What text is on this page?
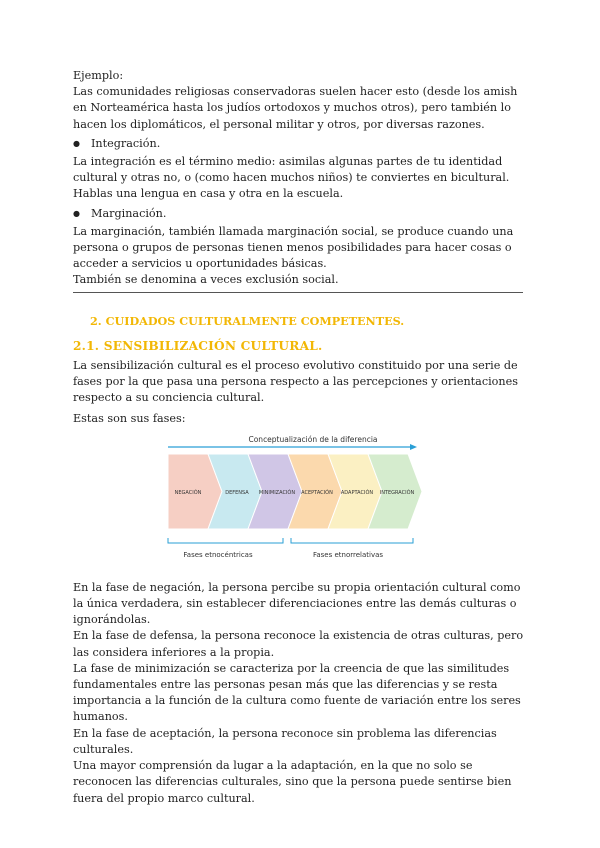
Ejemplo:

Las comunidades religiosas conservadoras suelen hacer esto (desde los amish en Norteamérica hasta los judíos ortodoxos y muchos otros), pero también lo hacen los diplomáticos, el personal militar y otros, por diversas razones.

● Integración.

La integración es el término medio: asimilas algunas partes de tu identidad cultural y otras no, o (como hacen muchos niños) te conviertes en bicultural. Hablas una lengua en casa y otra en la escuela.

● Marginación.

La marginación, también llamada marginación social, se produce cuando una persona o grupos de personas tienen menos posibilidades para hacer cosas o acceder a servicios u oportunidades básicas.

También se denomina a veces exclusión social.

2. CUIDADOS CULTURALMENTE COMPETENTES.

2.1. SENSIBILIZACIÓN CULTURAL.

La sensibilización cultural es el proceso evolutivo constituido por una serie de fases por la que pasa una persona respecto a las percepciones y orientaciones respecto a su conciencia cultural.

Estas son sus fases:

Conceptualización de la diferencia
NEGACIÓN	DEFENSA MINIMIZACIÓN ACEPTACIÓN ADAPTACIÓN INTEGRACIÓN
Fases etnocéntricas	Fases etnorrelativas

En la fase de negación, la persona percibe su propia orientación cultural como la única verdadera, sin establecer diferenciaciones entre las demás culturas o ignorándolas.

En la fase de defensa, la persona reconoce la existencia de otras culturas, pero las considera inferiores a la propia.

La fase de minimización se caracteriza por la creencia de que las similitudes fundamentales entre las personas pesan más que las diferencias y se resta importancia a la función de la cultura como fuente de variación entre los seres humanos.

En la fase de aceptación, la persona reconoce sin problema las diferencias culturales.

Una mayor comprensión da lugar a la adaptación, en la que no solo se reconocen las diferencias culturales, sino que la persona puede sentirse bien fuera del propio marco cultural.
